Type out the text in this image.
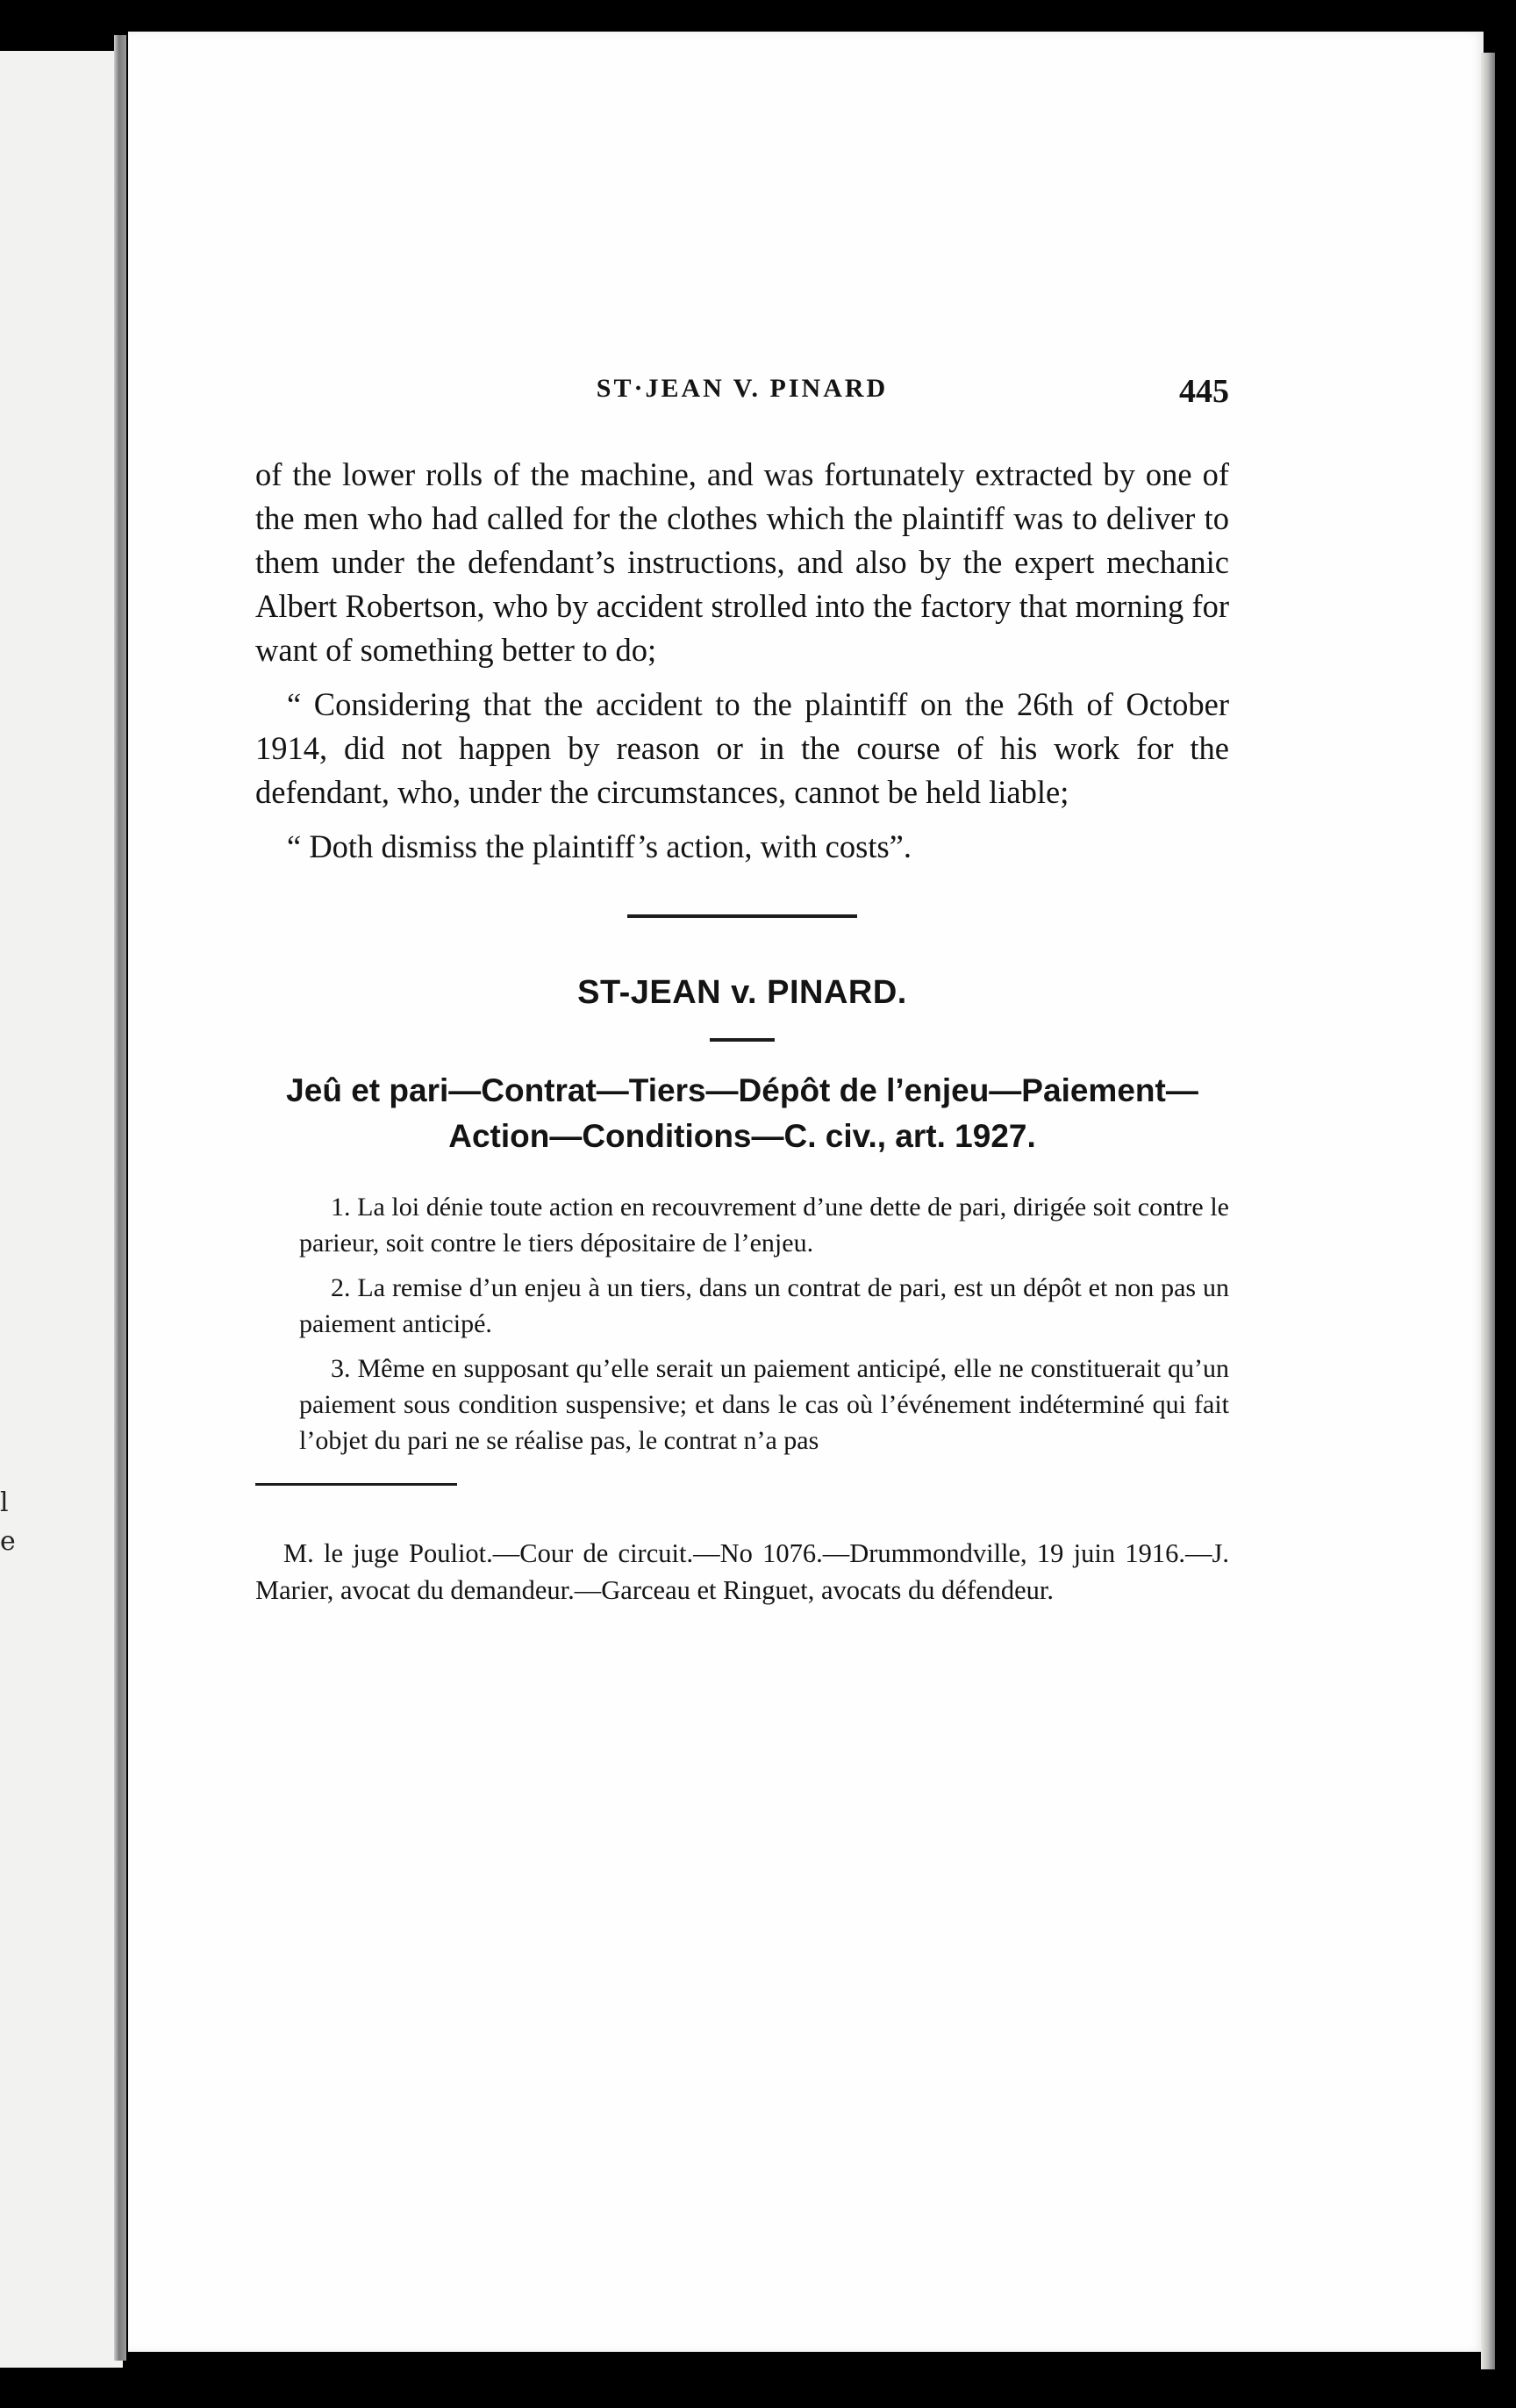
l
e
ST·JEAN V. PINARD	445

of the lower rolls of the machine, and was fortunately extracted by one of the men who had called for the clothes which the plaintiff was to deliver to them under the defendant’s instructions, and also by the expert mechanic Albert Robertson, who by accident strolled into the factory that morning for want of something better to do;

“ Considering that the accident to the plaintiff on the 26th of October 1914, did not happen by reason or in the course of his work for the defendant, who, under the circumstances, cannot be held liable;

“ Doth dismiss the plaintiff’s action, with costs”.

ST-JEAN v. PINARD.
Jeû et pari—Contrat—Tiers—Dépôt de l’enjeu—Paiement—Action—Conditions—C. civ., art. 1927.

1. La loi dénie toute action en recouvrement d’une dette de pari, dirigée soit contre le parieur, soit contre le tiers dépositaire de l’enjeu.

2. La remise d’un enjeu à un tiers, dans un contrat de pari, est un dépôt et non pas un paiement anticipé.

3. Même en supposant qu’elle serait un paiement anticipé, elle ne constituerait qu’un paiement sous condition suspensive; et dans le cas où l’événement indéterminé qui fait l’objet du pari ne se réalise pas, le contrat n’a pas

M. le juge Pouliot.—Cour de circuit.—No 1076.—Drummondville, 19 juin 1916.—J. Marier, avocat du demandeur.—Garceau et Ringuet, avocats du défendeur.
